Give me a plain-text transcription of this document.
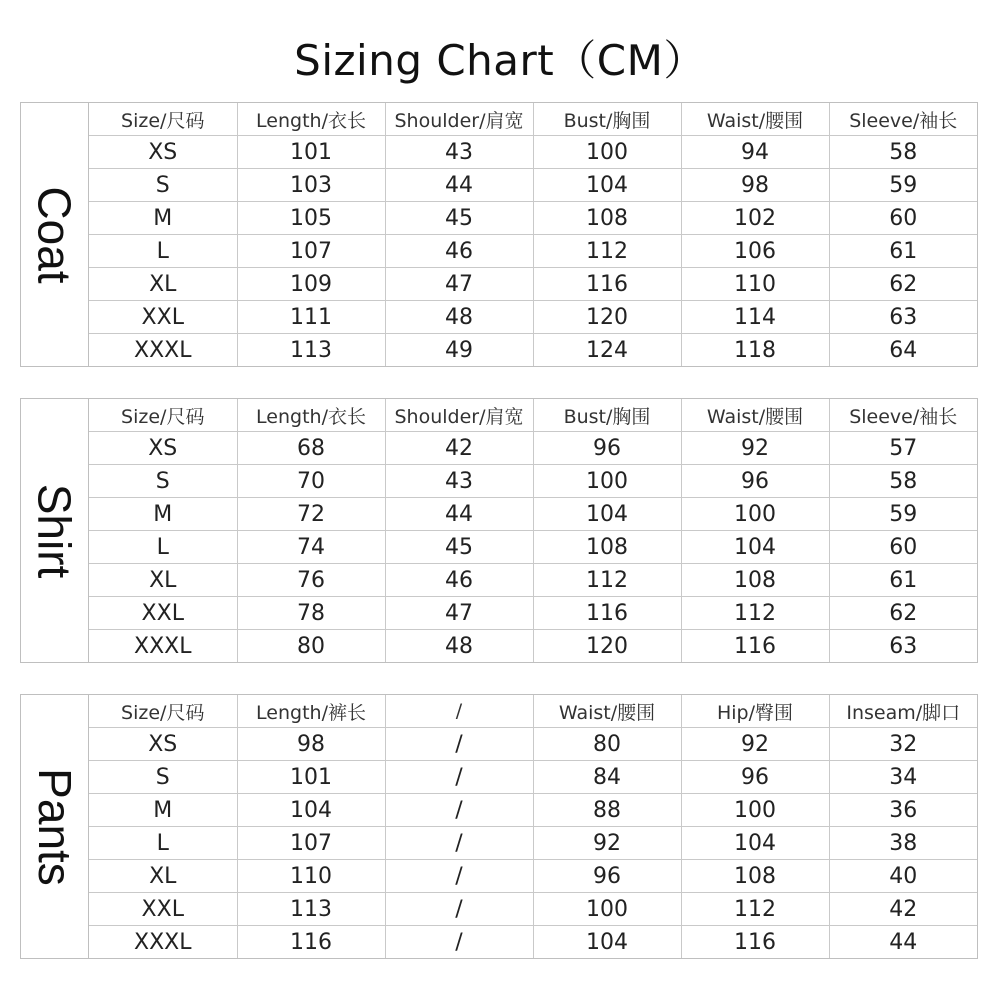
Sizing Chart（CM）
Coat
Size/尺码	Length/衣长	Shoulder/肩宽	Bust/胸围	Waist/腰围	Sleeve/袖长
XS	101	43	100	94	58
S	103	44	104	98	59
M	105	45	108	102	60
L	107	46	112	106	61
XL	109	47	116	110	62
XXL	111	48	120	114	63
XXXL	113	49	124	118	64
Shirt
Size/尺码	Length/衣长	Shoulder/肩宽	Bust/胸围	Waist/腰围	Sleeve/袖长
XS	68	42	96	92	57
S	70	43	100	96	58
M	72	44	104	100	59
L	74	45	108	104	60
XL	76	46	112	108	61
XXL	78	47	116	112	62
XXXL	80	48	120	116	63
Pants
Size/尺码	Length/裤长	/	Waist/腰围	Hip/臀围	Inseam/脚口
XS	98	/	80	92	32
S	101	/	84	96	34
M	104	/	88	100	36
L	107	/	92	104	38
XL	110	/	96	108	40
XXL	113	/	100	112	42
XXXL	116	/	104	116	44
